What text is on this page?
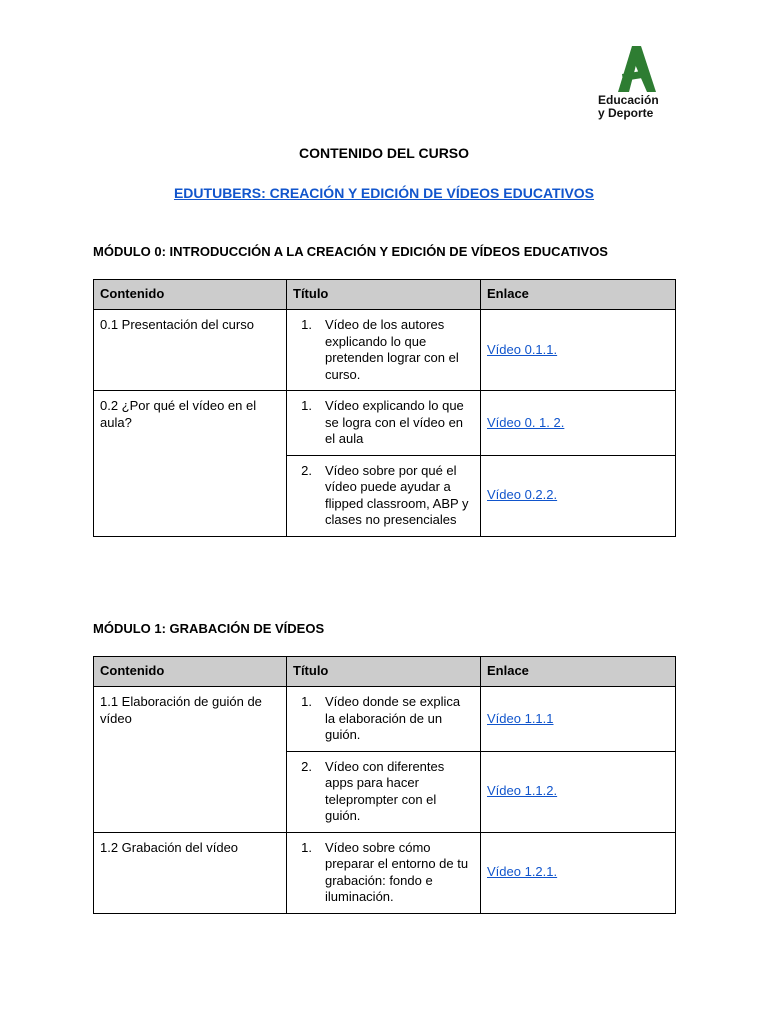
Educación
y Deporte
CONTENIDO DEL CURSO
EDUTUBERS: CREACIÓN Y EDICIÓN DE VÍDEOS EDUCATIVOS
MÓDULO 0: INTRODUCCIÓN A LA CREACIÓN Y EDICIÓN DE VÍDEOS EDUCATIVOS
Contenido	Título	Enlace
0.1 Presentación del curso	1. Vídeo de los autores explicando lo que pretenden lograr con el curso.	Vídeo 0.1.1.
0.2 ¿Por qué el vídeo en el aula?	1. Vídeo explicando lo que se logra con el vídeo en el aula	Vídeo 0. 1. 2.

	2. Vídeo sobre por qué el vídeo puede ayudar a flipped classroom, ABP y clases no presenciales	Vídeo 0.2.2.
MÓDULO 1: GRABACIÓN DE VÍDEOS
Contenido	Título	Enlace
1.1 Elaboración de guión de vídeo	1. Vídeo donde se explica la elaboración de un guión.	Vídeo 1.1.1

	2. Vídeo con diferentes apps para hacer teleprompter con el guión.	Vídeo 1.1.2.
1.2 Grabación del vídeo	1. Vídeo sobre cómo preparar el entorno de tu grabación: fondo e iluminación.	Vídeo 1.2.1.
